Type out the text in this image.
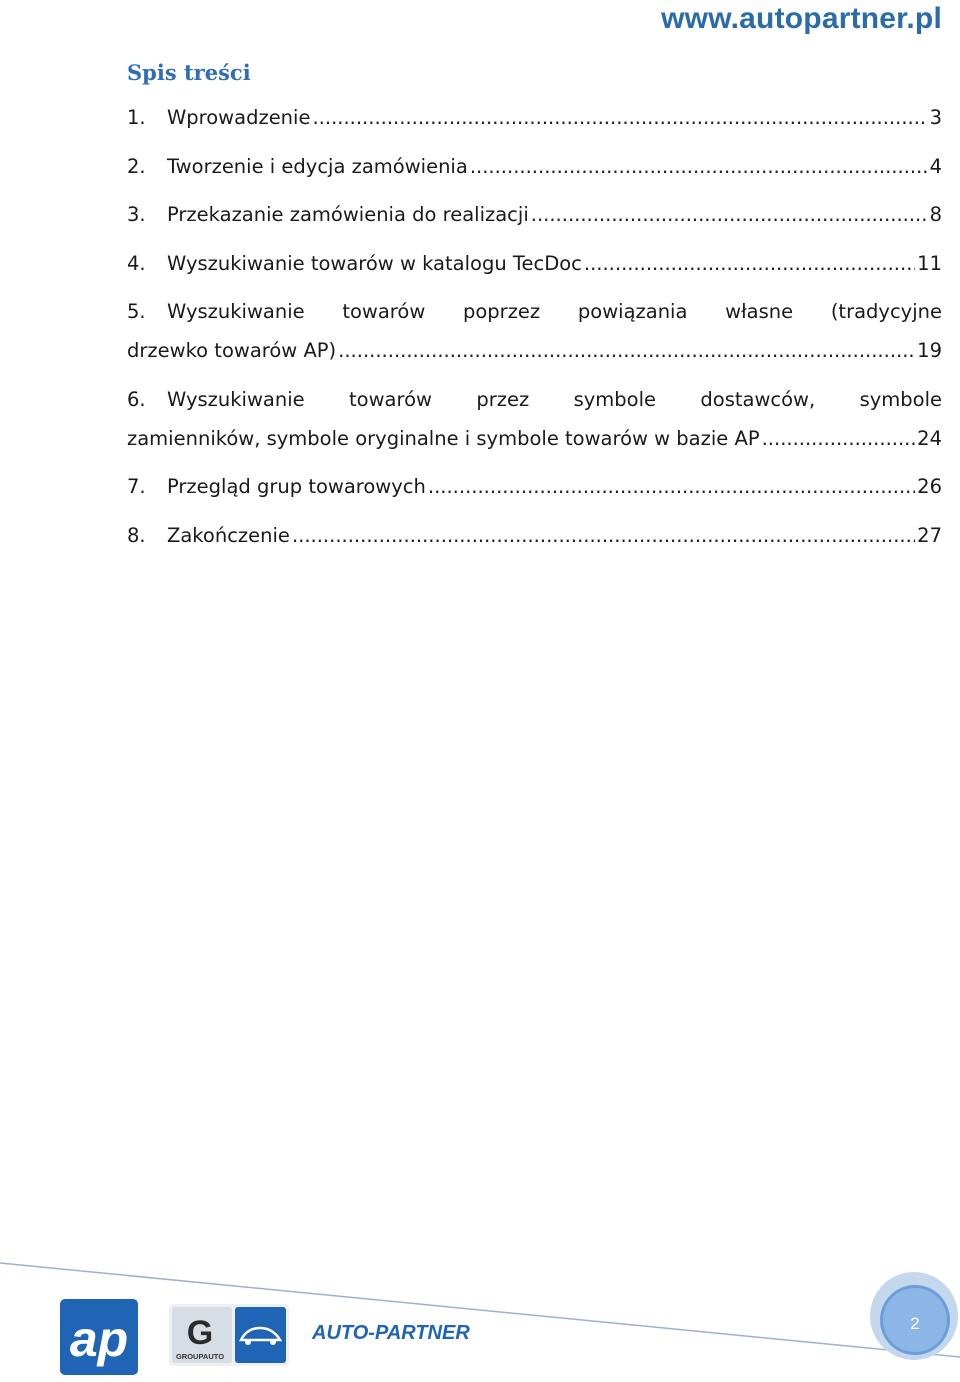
www.autopartner.pl
Spis treści
1.	Wprowadzenie .....	3
2.	Tworzenie i edycja zamówienia .....	4
3.	Przekazanie zamówienia do realizacji .....	8
4.	Wyszukiwanie towarów w katalogu TecDoc .....	11
5. Wyszukiwanie towarów poprzez powiązania własne (tradycyjne
drzewko towarów AP) .....	19
6. Wyszukiwanie towarów przez symbole dostawców, symbole
zamienników, symbole oryginalne i symbole towarów w bazie AP .....	24
7.	Przegląd grup towarowych .....	26
8.	Zakończenie .....	27
ap G
GROUPAUTO
AUTO-PARTNER	2
